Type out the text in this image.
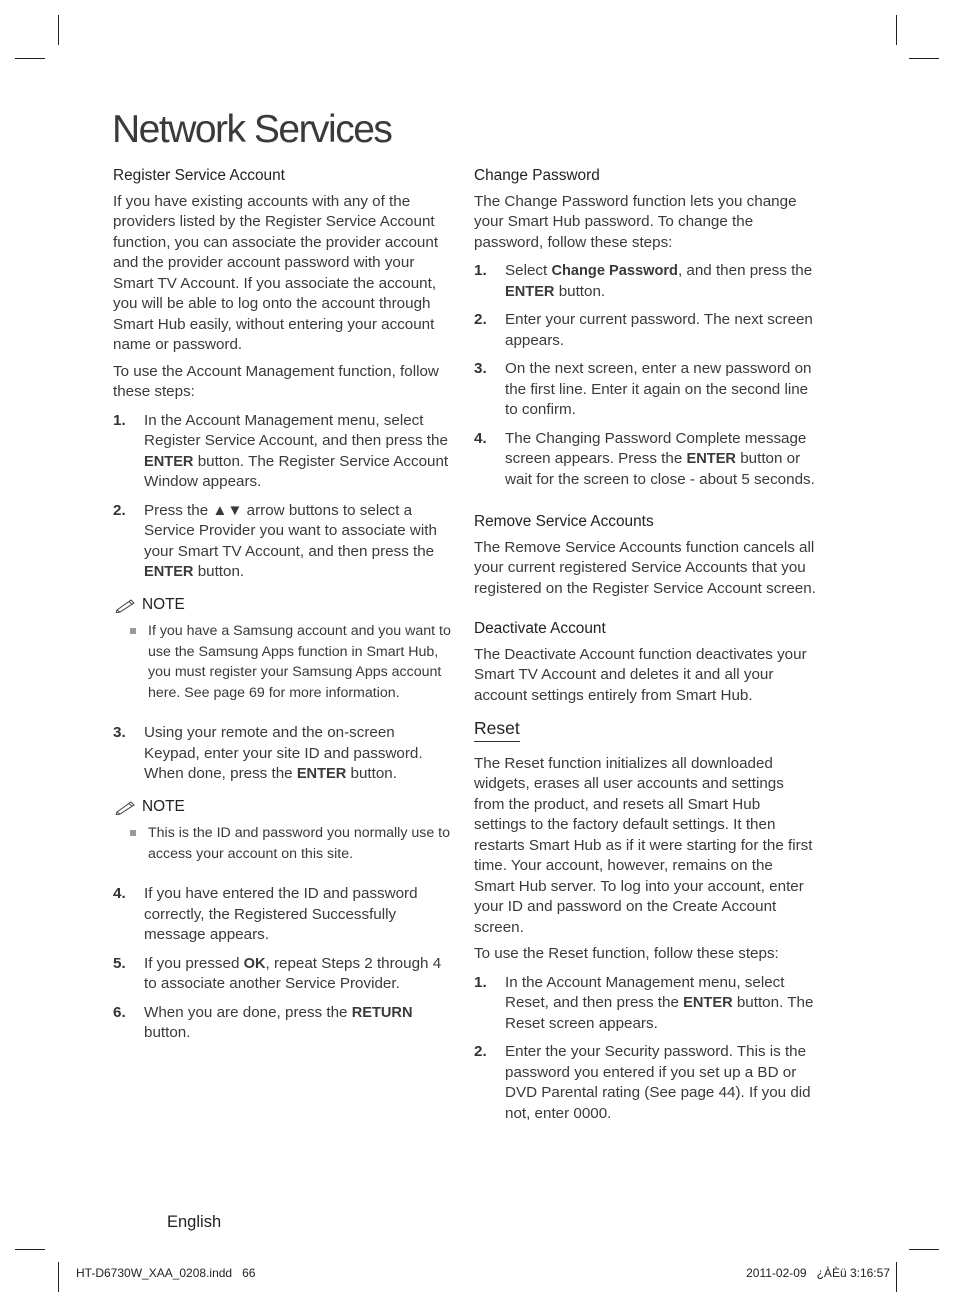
Network Services
Register Service Account

If you have existing accounts with any of the providers listed by the Register Service Account function, you can associate the provider account and the provider account password with your Smart TV Account. If you associate the account, you will be able to log onto the account through Smart Hub easily, without entering your account name or password.

To use the Account Management function, follow these steps:

1. In the Account Management menu, select Register Service Account, and then press the ENTER button. The Register Service Account Window appears.
2. Press the ▲▼ arrow buttons to select a Service Provider you want to associate with your Smart TV Account, and then press the ENTER button.
NOTE
If you have a Samsung account and you want to use the Samsung Apps function in Smart Hub, you must register your Samsung Apps account here. See page 69 for more information.
3. Using your remote and the on-screen Keypad, enter your site ID and password. When done, press the ENTER button.
NOTE
This is the ID and password you normally use to access your account on this site.
4. If you have entered the ID and password correctly, the Registered Successfully message appears.
5. If you pressed OK, repeat Steps 2 through 4 to associate another Service Provider.
6. When you are done, press the RETURN button.
Change Password

The Change Password function lets you change your Smart Hub password. To change the password, follow these steps:

1. Select Change Password, and then press the ENTER button.
2. Enter your current password. The next screen appears.
3. On the next screen, enter a new password on the first line. Enter it again on the second line to confirm.
4. The Changing Password Complete message screen appears. Press the ENTER button or wait for the screen to close - about 5 seconds.
Remove Service Accounts

The Remove Service Accounts function cancels all your current registered Service Accounts that you registered on the Register Service Account screen.

Deactivate Account

The Deactivate Account function deactivates your Smart TV Account and deletes it and all your account settings entirely from Smart Hub.

Reset

The Reset function initializes all downloaded widgets, erases all user accounts and settings from the product, and resets all Smart Hub settings to the factory default settings. It then restarts Smart Hub as if it were starting for the first time. Your account, however, remains on the Smart Hub server. To log into your account, enter your ID and password on the Create Account screen.

To use the Reset function, follow these steps:

1. In the Account Management menu, select Reset, and then press the ENTER button. The Reset screen appears.
2. Enter the your Security password. This is the password you entered if you set up a BD or DVD Parental rating (See page 44). If you did not, enter 0000.
English
HT-D6730W_XAA_0208.indd   66	2011-02-09   ¿ÀÈü 3:16:57
